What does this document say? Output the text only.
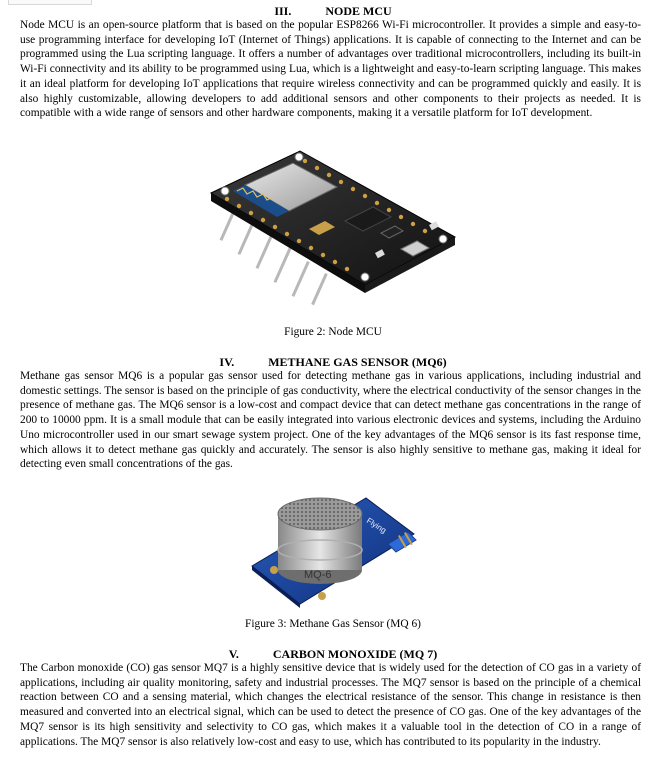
III.	NODE MCU
Node MCU is an open-source platform that is based on the popular ESP8266 Wi-Fi microcontroller. It provides a simple and easy-to-use programming interface for developing IoT (Internet of Things) applications. It is capable of connecting to the Internet and can be programmed using the Lua scripting language. It offers a number of advantages over traditional microcontrollers, including its built-in Wi-Fi connectivity and its ability to be programmed using Lua, which is a lightweight and easy-to-learn scripting language. This makes it an ideal platform for developing IoT applications that require wireless connectivity and can be programmed quickly and easily. It is also highly customizable, allowing developers to add additional sensors and other components to their projects as needed. It is compatible with a wide range of sensors and other hardware components, making it a versatile platform for IoT development.
Figure 2: Node MCU
IV.	METHANE GAS SENSOR (MQ6)
Methane gas sensor MQ6 is a popular gas sensor used for detecting methane gas in various applications, including industrial and domestic settings. The sensor is based on the principle of gas conductivity, where the electrical conductivity of the sensor changes in the presence of methane gas. The MQ6 sensor is a low-cost and compact device that can detect methane gas concentrations in the range of 200 to 10000 ppm. It is a small module that can be easily integrated into various electronic devices and systems, including the Arduino Uno microcontroller used in our smart sewage system project. One of the key advantages of the MQ6 sensor is its fast response time, which allows it to detect methane gas quickly and accurately. The sensor is also highly sensitive to methane gas, making it ideal for detecting even small concentrations of the gas.
Flying
MQ-6
Figure 3: Methane Gas Sensor (MQ 6)
V.	CARBON MONOXIDE (MQ 7)
The Carbon monoxide (CO) gas sensor MQ7 is a highly sensitive device that is widely used for the detection of CO gas in a variety of applications, including air quality monitoring, safety and industrial processes. The MQ7 sensor is based on the principle of a chemical reaction between CO and a sensing material, which changes the electrical resistance of the sensor. This change in resistance is then measured and converted into an electrical signal, which can be used to detect the presence of CO gas. One of the key advantages of the MQ7 sensor is its high sensitivity and selectivity to CO gas, which makes it a valuable tool in the detection of CO in a range of applications. The MQ7 sensor is also relatively low-cost and easy to use, which has contributed to its popularity in the industry.
